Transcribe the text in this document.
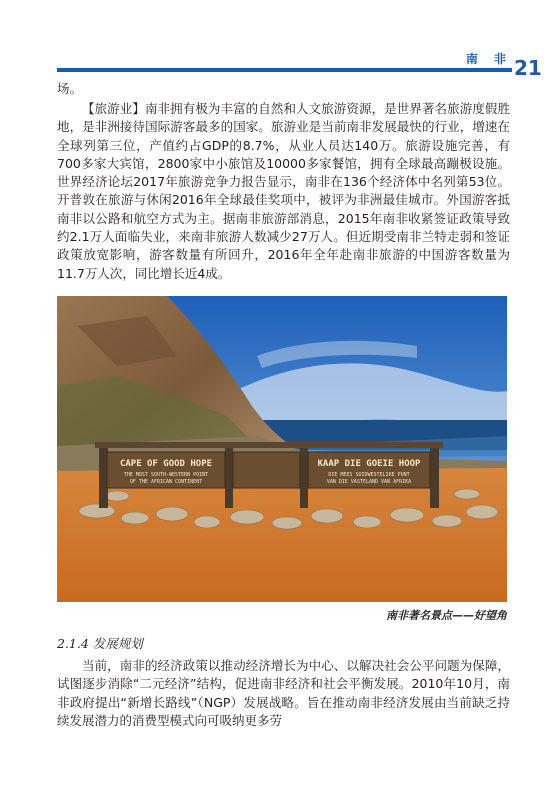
南 非 21

场。

【旅游业】南非拥有极为丰富的自然和人文旅游资源，是世界著名旅游度假胜地，是非洲接待国际游客最多的国家。旅游业是当前南非发展最快的行业，增速在全球列第三位，产值约占GDP的8.7%，从业人员达140万。旅游设施完善，有700多家大宾馆，2800家中小旅馆及10000多家餐馆，拥有全球最高蹦极设施。世界经济论坛2017年旅游竞争力报告显示，南非在136个经济体中名列第53位。开普敦在旅游与休闲2016年全球最佳奖项中，被评为非洲最佳城市。外国游客抵南非以公路和航空方式为主。据南非旅游部消息，2015年南非收紧签证政策导致约2.1万人面临失业，来南非旅游人数减少27万人。但近期受南非兰特走弱和签证政策放宽影响，游客数量有所回升，2016年全年赴南非旅游的中国游客数量为11.7万人次，同比增长近4成。

CAPE OF GOOD HOPE
THE MOST SOUTH-WESTERN POINT
OF THE AFRICAN CONTINENT
KAAP DIE GOEIE HOOP
DIE MEES SUIDWESTELIKE PUNT
VAN DIE VASTELAND VAN AFRIKA
南非著名景点——好望角
2.1.4 发展规划

当前，南非的经济政策以推动经济增长为中心、以解决社会公平问题为保障，试图逐步消除“二元经济”结构，促进南非经济和社会平衡发展。2010年10月，南非政府提出“新增长路线”（NGP）发展战略。旨在推动南非经济发展由当前缺乏持续发展潜力的消费型模式向可吸纳更多劳
